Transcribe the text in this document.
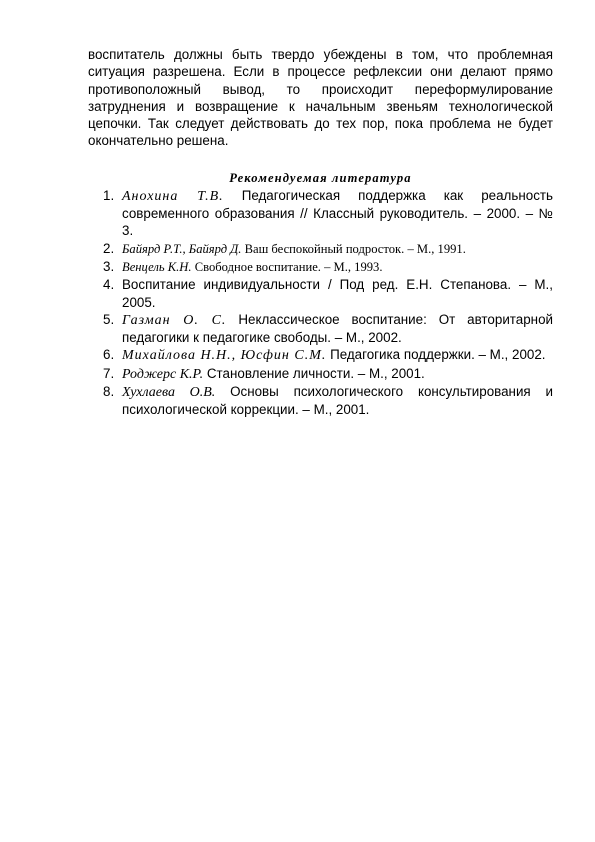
воспитатель должны быть твердо убеждены в том, что проблемная ситуация разрешена. Если в процессе рефлексии они делают прямо противоположный вывод, то происходит переформулирование затруднения и возвращение к начальным звеньям технологической цепочки. Так следует действовать до тех пор, пока проблема не будет окончательно решена.

Рекомендуемая литература
1. Анохина Т.В. Педагогическая поддержка как реальность современного образования // Классный руководитель. – 2000. – № 3.
2. Байярд Р.Т., Байярд Д. Ваш беспокойный подросток. – М., 1991.
3. Венцель К.Н. Свободное воспитание. – М., 1993.
4. Воспитание индивидуальности / Под ред. Е.Н. Степанова. – М., 2005.
5. Газман О. С. Неклассическое воспитание: От авторитарной педагогики к педагогике свободы. – М., 2002.
6. Михайлова Н.Н., Юсфин С.М. Педагогика поддержки. – М., 2002.
7. Роджерс К.Р. Становление личности. – М., 2001.
8. Хухлаева О.В. Основы психологического консультирования и психологической коррекции. – М., 2001.
